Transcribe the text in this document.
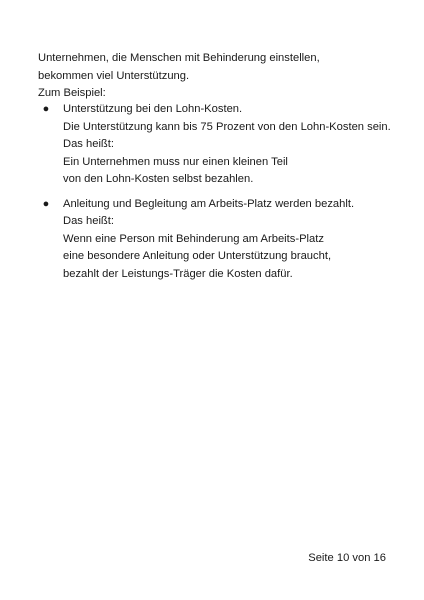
Unternehmen, die Menschen mit Behinderung einstellen,
bekommen viel Unterstützung.
Zum Beispiel:
● Unterstützung bei den Lohn-Kosten.
Die Unterstützung kann bis 75 Prozent von den Lohn-Kosten sein.
Das heißt:
Ein Unternehmen muss nur einen kleinen Teil
von den Lohn-Kosten selbst bezahlen.
● Anleitung und Begleitung am Arbeits-Platz werden bezahlt.
Das heißt:
Wenn eine Person mit Behinderung am Arbeits-Platz
eine besondere Anleitung oder Unterstützung braucht,
bezahlt der Leistungs-Träger die Kosten dafür.
Seite 10 von 16
